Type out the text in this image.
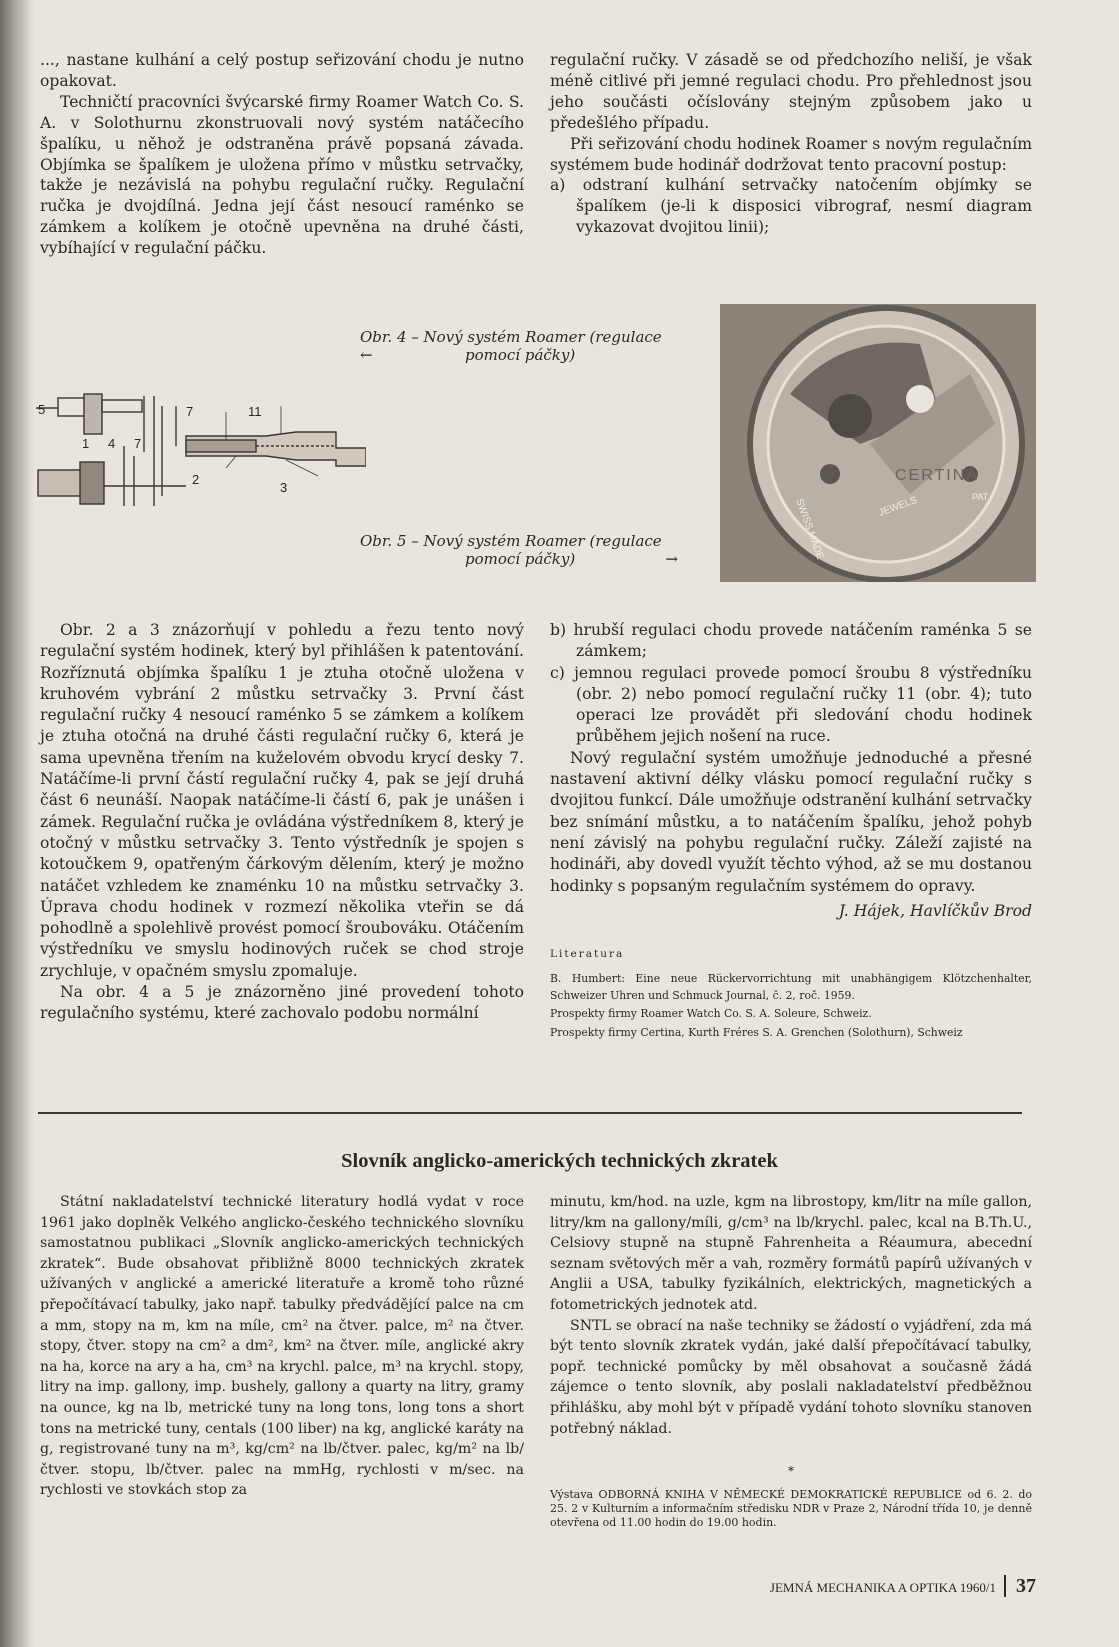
..., nastane kulhání a celý postup seřizování chodu je nutno opakovat.

Techničtí pracovníci švýcarské firmy Roamer Watch Co. S. A. v Solothurnu zkonstruovali nový systém natáčecího špalíku, u něhož je odstraněna právě popsaná závada. Objímka se špalíkem je uložena přímo v můstku setrvačky, takže je nezávislá na pohybu regulační ručky. Regulační ručka je dvojdílná. Jedna její část nesoucí raménko se zámkem a kolíkem je otočně upevněna na druhé části, vybíhající v regulační páčku.

regulační ručky. V zásadě se od předchozího neliší, je však méně citlivé při jemné regulaci chodu. Pro přehlednost jsou jeho součásti očíslovány stejným způsobem jako u předešlého případu.

Při seřizování chodu hodinek Roamer s novým regulačním systémem bude hodinář dodržovat tento pracovní postup:

a) odstraní kulhání setrvačky natočením objímky se špalíkem (je-li k disposici vibrograf, nesmí diagram vykazovat dvojitou linii);

Obr. 4 – Nový systém Roamer (regulace
←	pomocí páčky)
Obr. 5 – Nový systém Roamer (regulace
pomocí páčky)	→
5
1 4 7
7	11
2
3
CERTINA
SWISS MADE	JEWELS	PAT

Obr. 2 a 3 znázorňují v pohledu a řezu tento nový regulační systém hodinek, který byl přihlášen k patentování. Rozříznutá objímka špalíku 1 je ztuha otočně uložena v kruhovém vybrání 2 můstku setrvačky 3. První část regulační ručky 4 nesoucí raménko 5 se zámkem a kolíkem je ztuha otočná na druhé části regulační ručky 6, která je sama upevněna třením na kuželovém obvodu krycí desky 7. Natáčíme-li první částí regulační ručky 4, pak se její druhá část 6 neunáší. Naopak natáčíme-li částí 6, pak je unášen i zámek. Regulační ručka je ovládána výstředníkem 8, který je otočný v můstku setrvačky 3. Tento výstředník je spojen s kotoučkem 9, opatřeným čárkovým dělením, který je možno natáčet vzhledem ke znaménku 10 na můstku setrvačky 3. Úprava chodu hodinek v rozmezí několika vteřin se dá pohodlně a spolehlivě provést pomocí šroubováku. Otáčením výstředníku ve smyslu hodinových ruček se chod stroje zrychluje, v opačném smyslu zpomaluje.

Na obr. 4 a 5 je znázorněno jiné provedení tohoto regulačního systému, které zachovalo podobu normální

b) hrubší regulaci chodu provede natáčením raménka 5 se zámkem;

c) jemnou regulaci provede pomocí šroubu 8 výstředníku (obr. 2) nebo pomocí regulační ručky 11 (obr. 4); tuto operaci lze provádět při sledování chodu hodinek průběhem jejich nošení na ruce.

Nový regulační systém umožňuje jednoduché a přesné nastavení aktivní délky vlásku pomocí regulační ručky s dvojitou funkcí. Dále umožňuje odstranění kulhání setrvačky bez snímání můstku, a to natáčením špalíku, jehož pohyb není závislý na pohybu regulační ručky. Záleží zajisté na hodináři, aby dovedl využít těchto výhod, až se mu dostanou hodinky s popsaným regulačním systémem do opravy.

J. Hájek, Havlíčkův Brod

Literatura

B. Humbert: Eine neue Rückervorrichtung mit unabhängigem Klötzchenhalter, Schweizer Uhren und Schmuck Journal, č. 2, roč. 1959.

Prospekty firmy Roamer Watch Co. S. A. Soleure, Schweiz.

Prospekty firmy Certina, Kurth Fréres S. A. Grenchen (Solothurn), Schweiz

Slovník anglicko-amerických technických zkratek

Státní nakladatelství technické literatury hodlá vydat v roce 1961 jako doplněk Velkého anglicko-českého technického slovníku samostatnou publikaci „Slovník anglicko-amerických technických zkratek“. Bude obsahovat přibližně 8000 technických zkratek užívaných v anglické a americké literatuře a kromě toho různé přepočítávací tabulky, jako např. tabulky předvádějící palce na cm a mm, stopy na m, km na míle, cm² na čtver. palce, m² na čtver. stopy, čtver. stopy na cm² a dm², km² na čtver. míle, anglické akry na ha, korce na ary a ha, cm³ na krychl. palce, m³ na krychl. stopy, litry na imp. gallony, imp. bushely, gallony a quarty na litry, gramy na ounce, kg na lb, metrické tuny na long tons, long tons a short tons na metrické tuny, centals (100 liber) na kg, anglické karáty na g, registrované tuny na m³, kg/cm² na lb/čtver. palec, kg/m² na lb/čtver. stopu, lb/čtver. palec na mmHg, rychlosti v m/sec. na rychlosti ve stovkách stop za

minutu, km/hod. na uzle, kgm na librostopy, km/litr na míle gallon, litry/km na gallony/míli, g/cm³ na lb/krychl. palec, kcal na B.Th.U., Celsiovy stupně na stupně Fahrenheita a Réaumura, abecední seznam světových měr a vah, rozměry formátů papírů užívaných v Anglii a USA, tabulky fyzikálních, elektrických, magnetických a fotometrických jednotek atd.

SNTL se obrací na naše techniky se žádostí o vyjádření, zda má být tento slovník zkratek vydán, jaké další přepočítávací tabulky, popř. technické pomůcky by měl obsahovat a současně žádá zájemce o tento slovník, aby poslali nakladatelství předběžnou přihlášku, aby mohl být v případě vydání tohoto slovníku stanoven potřebný náklad.

*

Výstava ODBORNÁ KNIHA V NĚMECKÉ DEMOKRATICKÉ REPUBLICE od 6. 2. do 25. 2 v Kulturním a informačním středisku NDR v Praze 2, Národní třída 10, je denně otevřena od 11.00 hodin do 19.00 hodin.

JEMNÁ MECHANIKA A OPTIKA 1960/1 37
